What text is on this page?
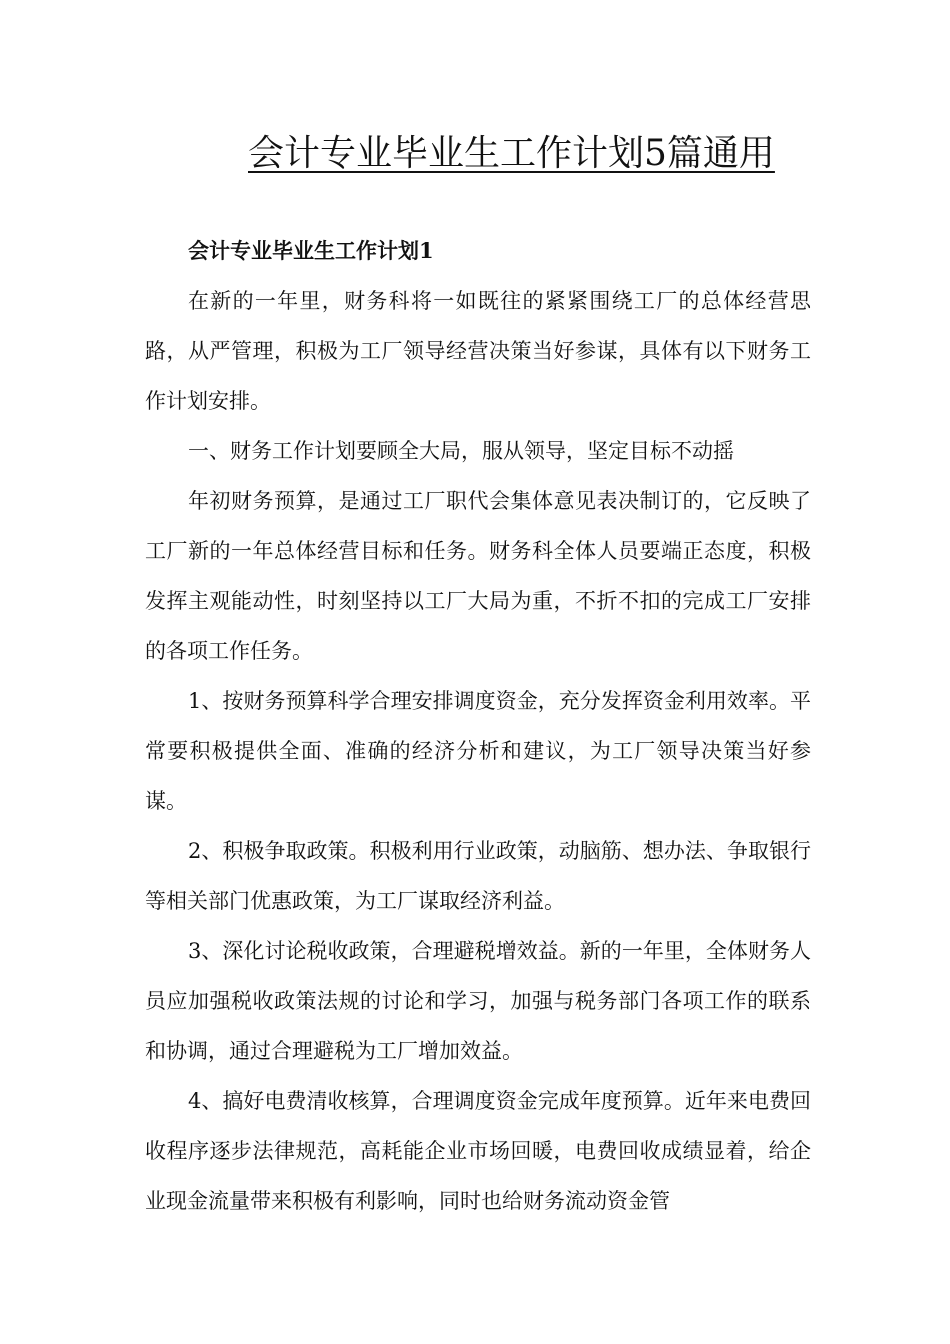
会计专业毕业生工作计划5篇通用

会计专业毕业生工作计划1

在新的一年里，财务科将一如既往的紧紧围绕工厂的总体经营思路，从严管理，积极为工厂领导经营决策当好参谋，具体有以下财务工作计划安排。

一、财务工作计划要顾全大局，服从领导，坚定目标不动摇

年初财务预算，是通过工厂职代会集体意见表决制订的，它反映了工厂新的一年总体经营目标和任务。财务科全体人员要端正态度，积极发挥主观能动性，时刻坚持以工厂大局为重，不折不扣的完成工厂安排的各项工作任务。

1、按财务预算科学合理安排调度资金，充分发挥资金利用效率。平常要积极提供全面、准确的经济分析和建议，为工厂领导决策当好参谋。

2、积极争取政策。积极利用行业政策，动脑筋、想办法、争取银行等相关部门优惠政策，为工厂谋取经济利益。

3、深化讨论税收政策，合理避税增效益。新的一年里，全体财务人员应加强税收政策法规的讨论和学习，加强与税务部门各项工作的联系和协调，通过合理避税为工厂增加效益。

4、搞好电费清收核算，合理调度资金完成年度预算。近年来电费回收程序逐步法律规范，高耗能企业市场回暖，电费回收成绩显着，给企业现金流量带来积极有利影响，同时也给财务流动资金管
